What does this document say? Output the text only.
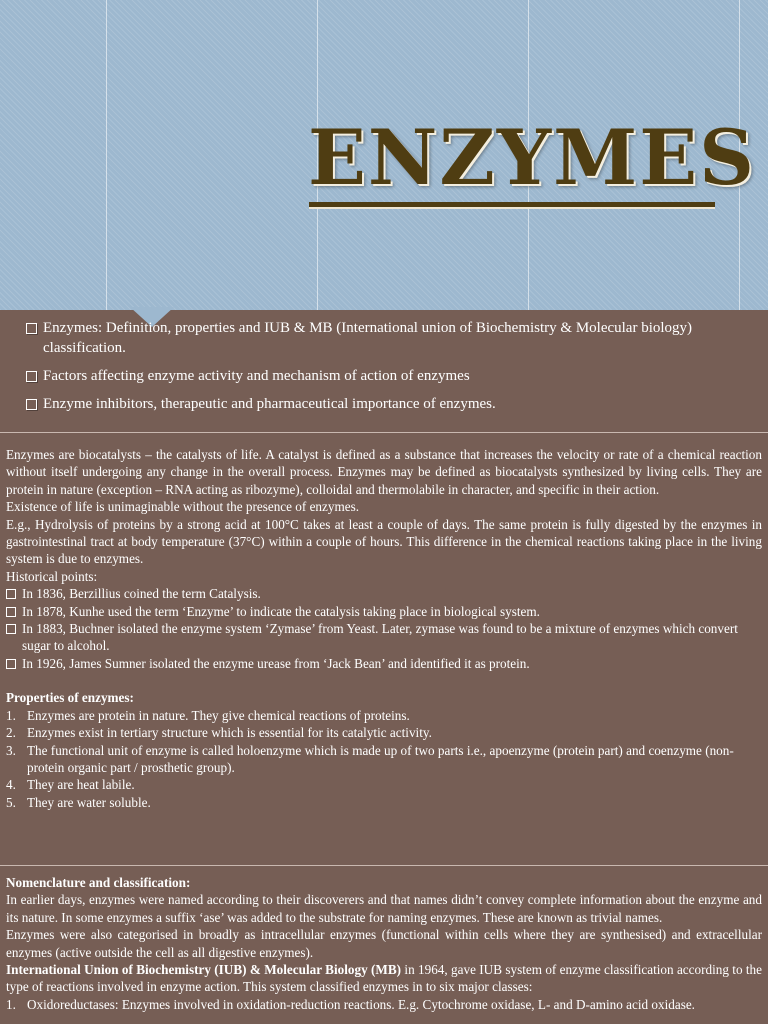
ENZYMES
Enzymes: Definition, properties and IUB & MB (International union of Biochemistry & Molecular biology) classification.
Factors affecting enzyme activity and mechanism of action of enzymes
Enzyme inhibitors, therapeutic and pharmaceutical importance of enzymes.

Enzymes are biocatalysts – the catalysts of life. A catalyst is defined as a substance that increases the velocity or rate of a chemical reaction without itself undergoing any change in the overall process. Enzymes may be defined as biocatalysts synthesized by living cells. They are protein in nature (exception – RNA acting as ribozyme), colloidal and thermolabile in character, and specific in their action.

Existence of life is unimaginable without the presence of enzymes.

E.g., Hydrolysis of proteins by a strong acid at 100°C takes at least a couple of days. The same protein is fully digested by the enzymes in gastrointestinal tract at body temperature (37°C) within a couple of hours. This difference in the chemical reactions taking place in the living system is due to enzymes.

Historical points:

In 1836, Berzillius coined the term Catalysis.
In 1878, Kunhe used the term ‘Enzyme’ to indicate the catalysis taking place in biological system.
In 1883, Buchner isolated the enzyme system ‘Zymase’ from Yeast. Later, zymase was found to be a mixture of enzymes which convert sugar to alcohol.
In 1926, James Sumner isolated the enzyme urease from ‘Jack Bean’ and identified it as protein.

Properties of enzymes:

1. Enzymes are protein in nature. They give chemical reactions of proteins.
2. Enzymes exist in tertiary structure which is essential for its catalytic activity.
3. The functional unit of enzyme is called holoenzyme which is made up of two parts i.e., apoenzyme (protein part) and coenzyme (non-protein organic part / prosthetic group).
4. They are heat labile.
5. They are water soluble.

Nomenclature and classification:

In earlier days, enzymes were named according to their discoverers and that names didn’t convey complete information about the enzyme and its nature. In some enzymes a suffix ‘ase’ was added to the substrate for naming enzymes. These are known as trivial names.

Enzymes were also categorised in broadly as intracellular enzymes (functional within cells where they are synthesised) and extracellular enzymes (active outside the cell as all digestive enzymes).

International Union of Biochemistry (IUB) & Molecular Biology (MB) in 1964, gave IUB system of enzyme classification according to the type of reactions involved in enzyme action. This system classified enzymes in to six major classes:

1. Oxidoreductases: Enzymes involved in oxidation-reduction reactions. E.g. Cytochrome oxidase, L- and D-amino acid oxidase.
